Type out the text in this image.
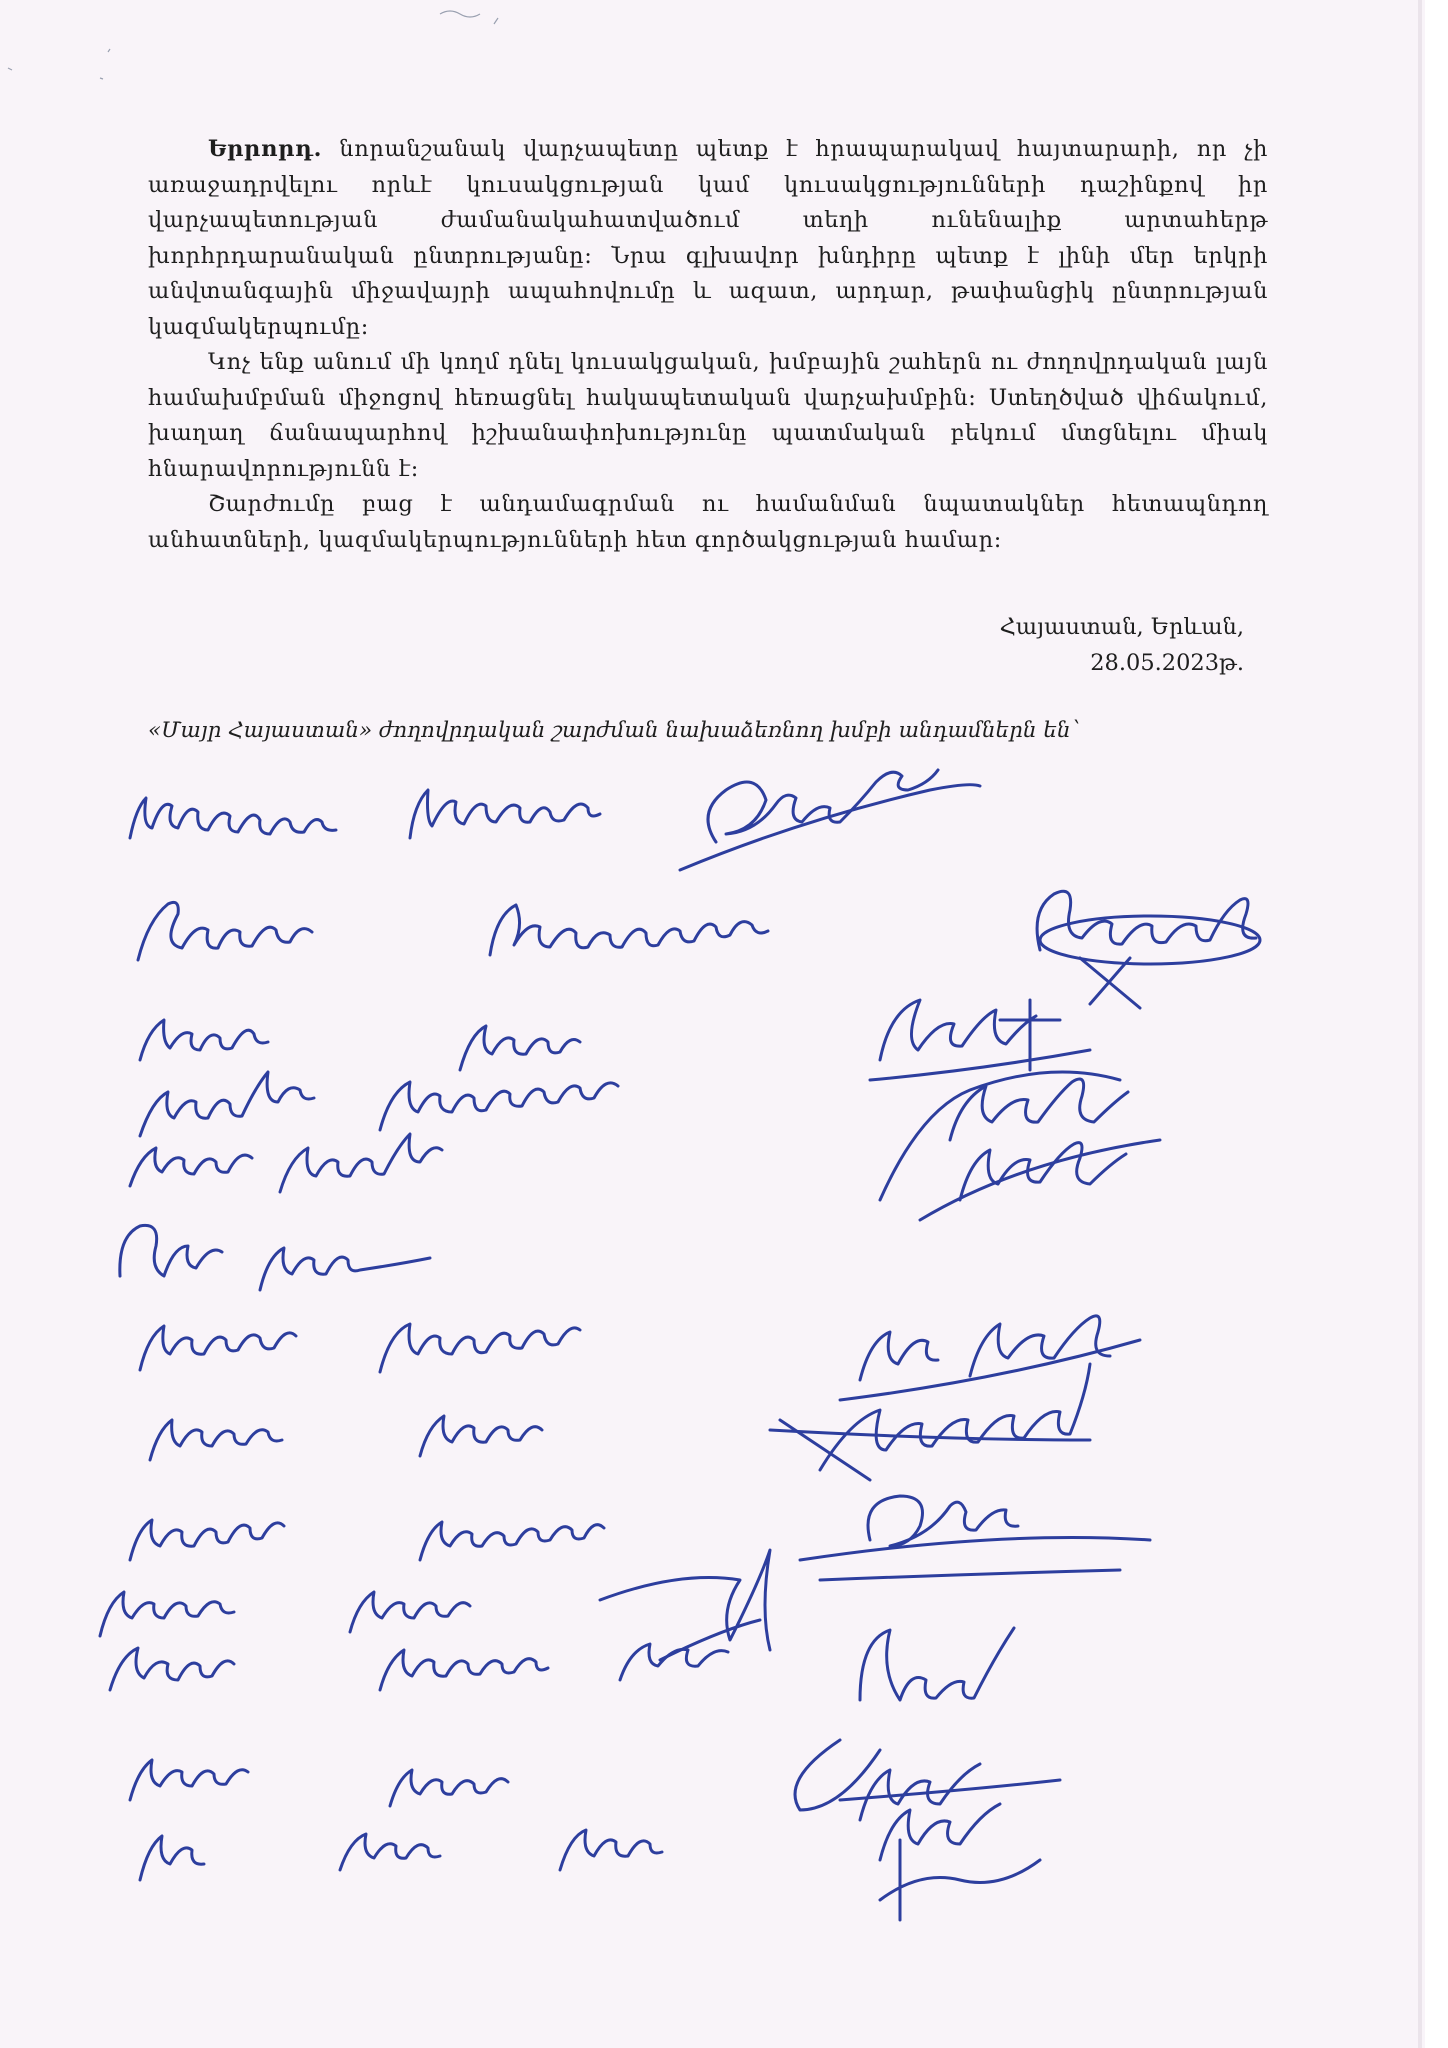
Երրորդ. նորանշանակ վարչապետը պետք է հրապարակավ հայտարարի, որ չի առաջադրվելու որևէ կուսակցության կամ կուսակցությունների դաշինքով իր վարչապետության ժամանակահատվածում տեղի ունենալիք արտահերթ խորհրդարանական ընտրությանը: Նրա գլխավոր խնդիրը պետք է լինի մեր երկրի անվտանգային միջավայրի ապահովումը և ազատ, արդար, թափանցիկ ընտրության կազմակերպումը:

Կոչ ենք անում մի կողմ դնել կուսակցական, խմբային շահերն ու ժողովրդական լայն համախմբման միջոցով հեռացնել հակապետական վարչախմբին: Ստեղծված վիճակում, խաղաղ ճանապարհով իշխանափոխությունը պատմական բեկում մտցնելու միակ հնարավորությունն է:

Շարժումը բաց է անդամագրման ու համանման նպատակներ հետապնդող անհատների, կազմակերպությունների հետ գործակցության համար:

Հայաստան, Երևան,
28.05.2023թ.
«Մայր Հայաստան» ժողովրդական շարժման նախաձեռնող խմբի անդամներն են`
